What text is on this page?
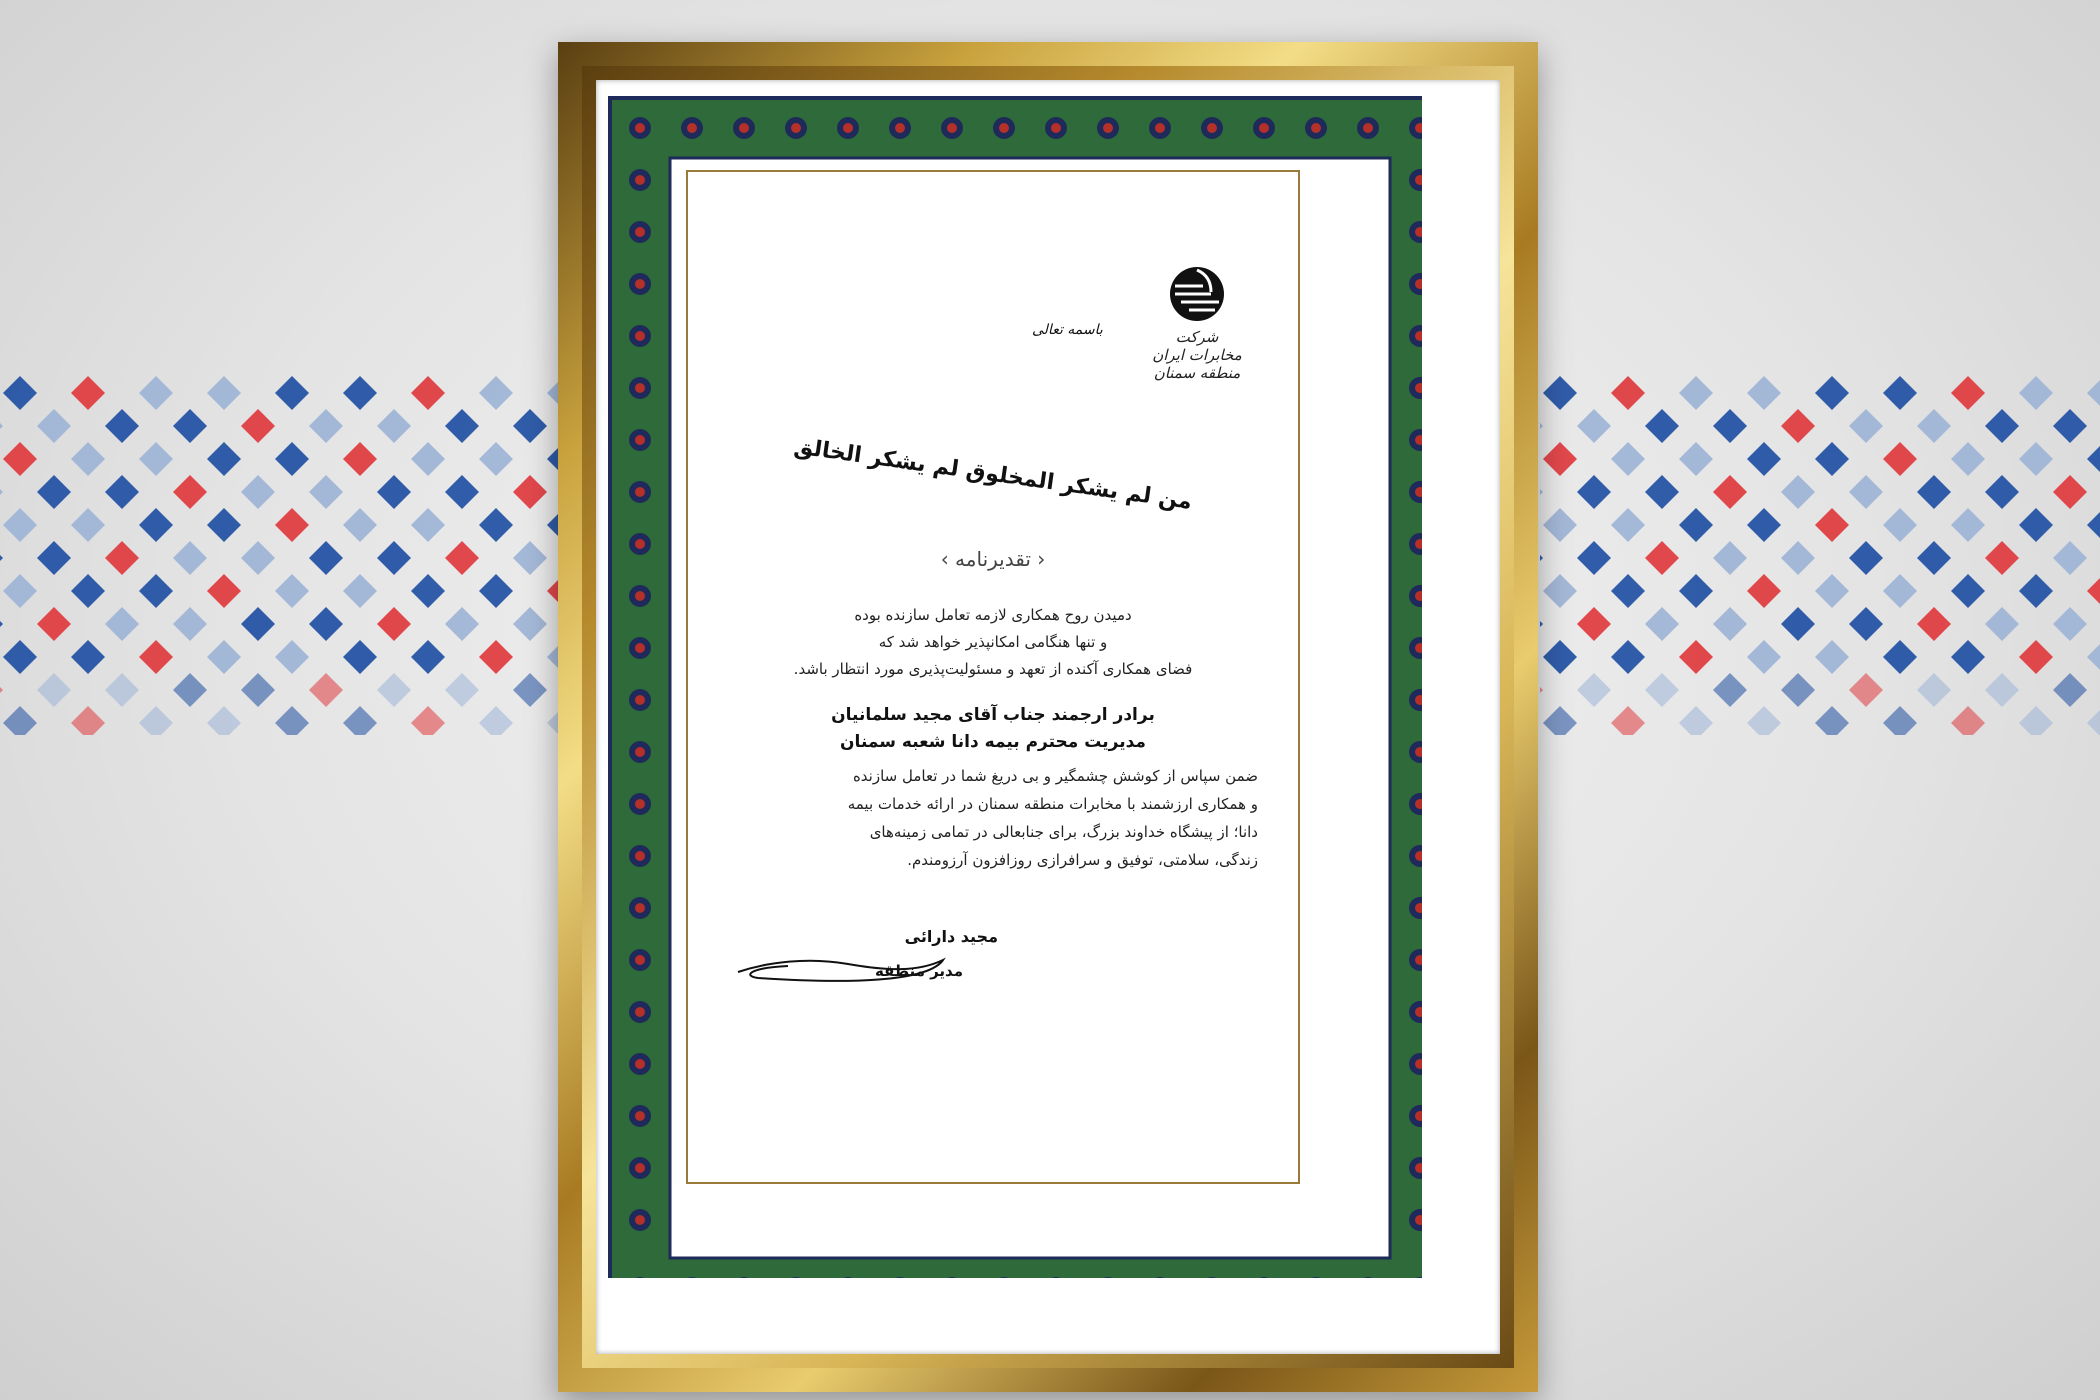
شرکت مخابرات ایران
منطقه سمنان
باسمه تعالی
من لم یشکر المخلوق لم یشکر الخالق
‹ تقدیرنامه ›
دمیدن روح همکاری لازمه تعامل سازنده بوده
و تنها هنگامی امکانپذیر خواهد شد که
فضای همکاری آکنده از تعهد و مسئولیت‌پذیری مورد انتظار باشد.
برادر ارجمند جناب آقای مجید سلمانیان
مدیریت محترم بیمه دانا شعبه سمنان
ضمن سپاس از کوشش چشمگیر و بی دریغ شما در تعامل سازنده
و همکاری ارزشمند با مخابرات منطقه سمنان در ارائه خدمات بیمه
دانا؛ از پیشگاه خداوند بزرگ، برای جنابعالی در تمامی زمینه‌های
زندگی، سلامتی، توفیق و سرافرازی روزافزون آرزومندم.
مجید دارائی
مدیر منطقه
